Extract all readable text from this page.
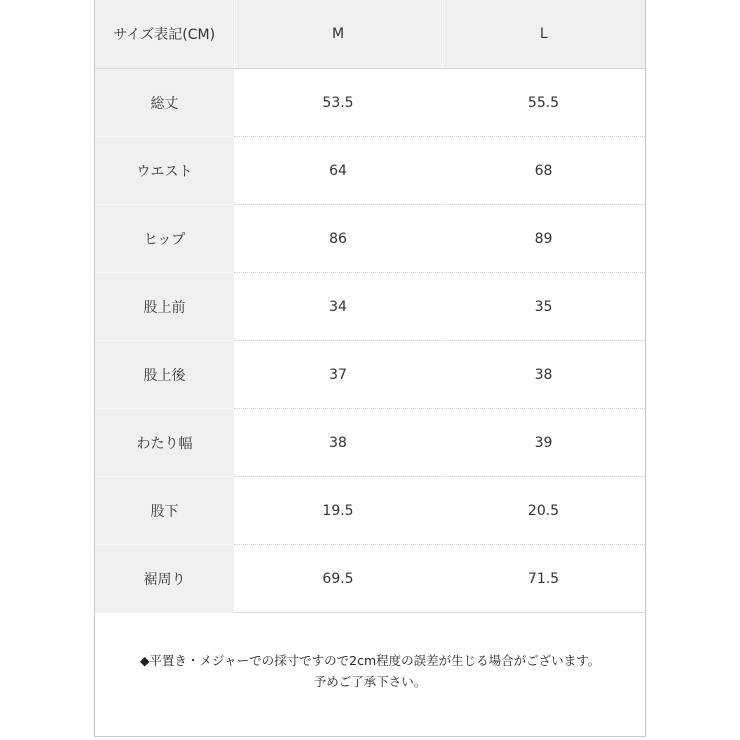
サイズ表記(CM)	M	L
総丈	53.5	55.5
ウエスト	64	68
ヒップ	86	89
股上前	34	35
股上後	37	38
わたり幅	38	39
股下	19.5	20.5
裾周り	69.5	71.5
◆平置き・メジャーでの採寸ですので2cm程度の誤差が生じる場合がございます。
予めご了承下さい。
